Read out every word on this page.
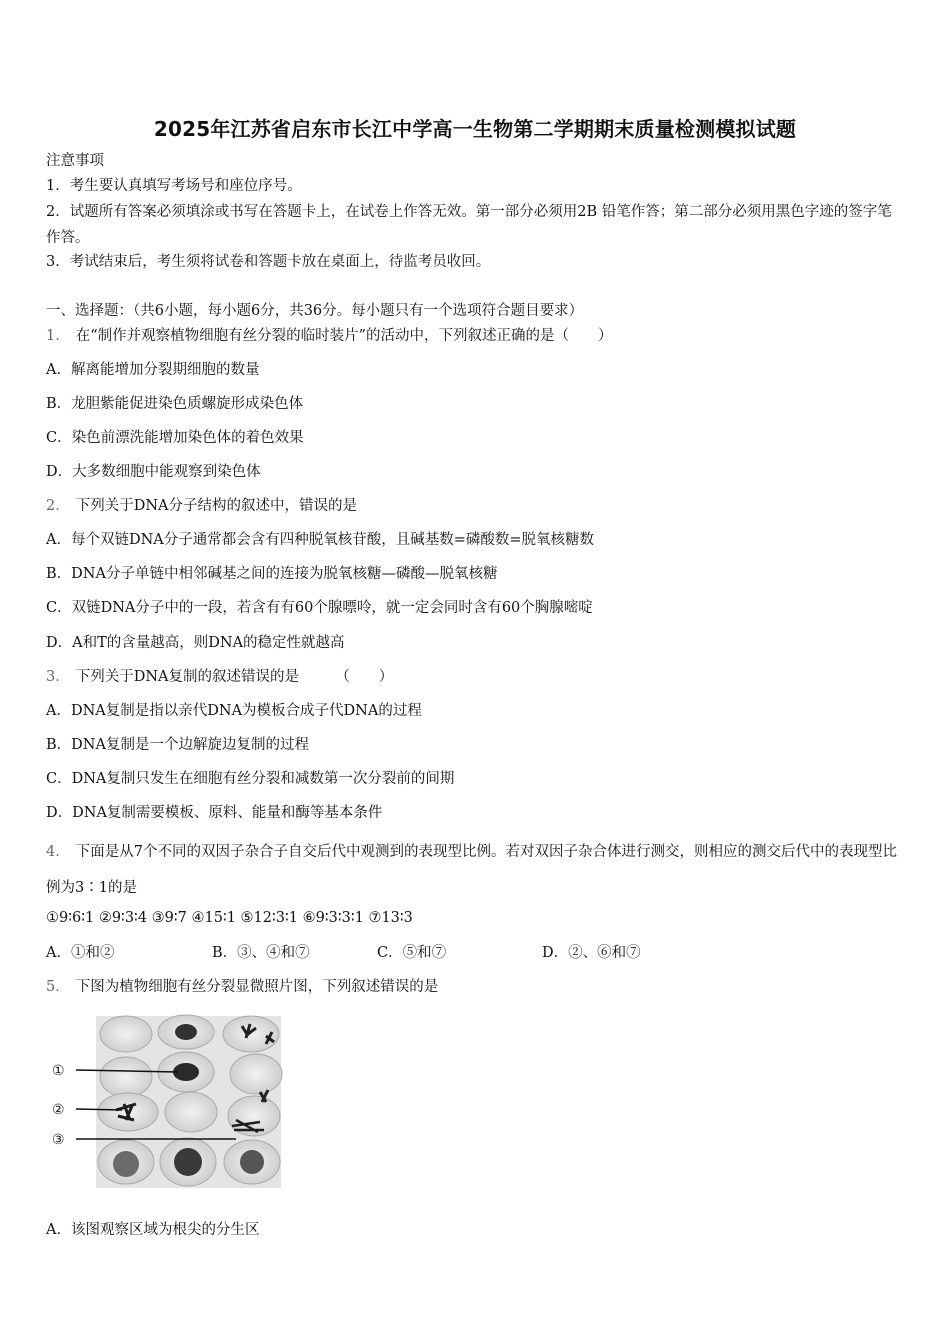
2025年江苏省启东市长江中学高一生物第二学期期末质量检测模拟试题
注意事项
1．考生要认真填写考场号和座位序号。
2．试题所有答案必须填涂或书写在答题卡上，在试卷上作答无效。第一部分必须用2B 铅笔作答；第二部分必须用黑色字迹的签字笔作答。
3．考试结束后，考生须将试卷和答题卡放在桌面上，待监考员收回。
一、选择题：（共6小题，每小题6分，共36分。每小题只有一个选项符合题目要求）
1． 在“制作并观察植物细胞有丝分裂的临时装片”的活动中，下列叙述正确的是（　　）
A．解离能增加分裂期细胞的数量
B．龙胆紫能促进染色质螺旋形成染色体
C．染色前漂洗能增加染色体的着色效果
D．大多数细胞中能观察到染色体
2． 下列关于DNA分子结构的叙述中，错误的是
A．每个双链DNA分子通常都会含有四种脱氧核苷酸，且碱基数=磷酸数=脱氧核糖数
B．DNA分子单链中相邻碱基之间的连接为脱氧核糖—磷酸—脱氧核糖
C．双链DNA分子中的一段，若含有有60个腺嘌呤，就一定会同时含有60个胸腺嘧啶
D．A和T的含量越高，则DNA的稳定性就越高
3． 下列关于DNA复制的叙述错误的是　　　（　　）
A．DNA复制是指以亲代DNA为模板合成子代DNA的过程
B．DNA复制是一个边解旋边复制的过程
C．DNA复制只发生在细胞有丝分裂和减数第一次分裂前的间期
D．DNA复制需要模板、原料、能量和酶等基本条件
4． 下面是从7个不同的双因子杂合子自交后代中观测到的表现型比例。若对双因子杂合体进行测交，则相应的测交后代中的表现型比例为3∶1的是
①9∶6∶1 ②9∶3∶4 ③9∶7 ④15∶1 ⑤12∶3∶1 ⑥9∶3∶3∶1 ⑦13∶3
A．①和②	B．③、④和⑦	C．⑤和⑦	D．②、⑥和⑦
5． 下图为植物细胞有丝分裂显微照片图，下列叙述错误的是
①
②
③
A．该图观察区域为根尖的分生区
